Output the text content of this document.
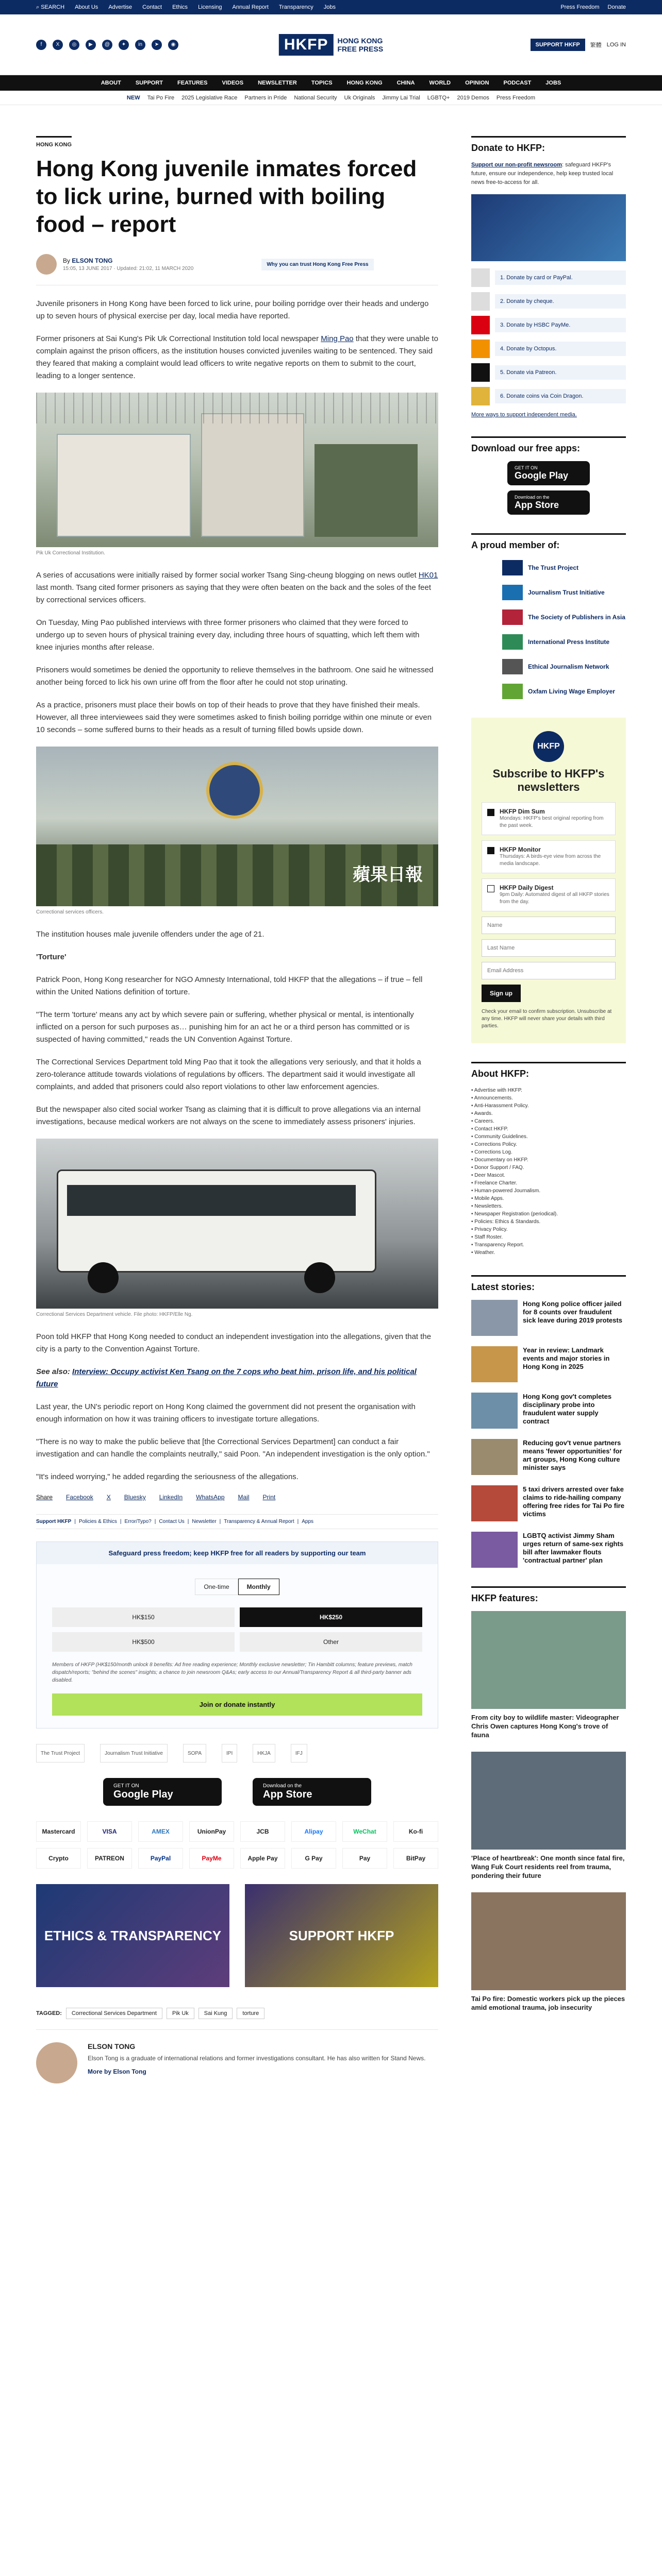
⌕ SEARCH About Us Advertise Contact Ethics Licensing Annual Report Transparency Jobs	Press Freedom Donate
f	X	◎	▶	@	✦	in	➤	◉	HKFP	HONG KONG
FREE PRESS	SUPPORT HKFP	繁體 LOG IN
ABOUT	SUPPORT	FEATURES	VIDEOS	NEWSLETTER	TOPICS	HONG KONG	CHINA	WORLD	OPINION	PODCAST	JOBS
NEW Tai Po Fire 2025 Legislative Race Partners in Pride National Security Uk Originals Jimmy Lai Trial LGBTQ+ 2019 Demos Press Freedom
HONG KONG
Hong Kong juvenile inmates forced to lick urine, burned with boiling food – report
By ELSON TONG
15:05, 13 JUNE 2017 · Updated: 21:02, 11 MARCH 2020
Why you can trust Hong Kong Free Press

Juvenile prisoners in Hong Kong have been forced to lick urine, pour boiling porridge over their heads and undergo up to seven hours of physical exercise per day, local media have reported.

Former prisoners at Sai Kung's Pik Uk Correctional Institution told local newspaper Ming Pao that they were unable to complain against the prison officers, as the institution houses convicted juveniles waiting to be sentenced. They said they feared that making a complaint would lead officers to write negative reports on them to submit to the court, leading to a longer sentence.

Pik Uk Correctional Institution.

A series of accusations were initially raised by former social worker Tsang Sing-cheung blogging on news outlet HK01 last month. Tsang cited former prisoners as saying that they were often beaten on the back and the soles of the feet by correctional services officers.

On Tuesday, Ming Pao published interviews with three former prisoners who claimed that they were forced to undergo up to seven hours of physical training every day, including three hours of squatting, which left them with knee injuries months after release.

Prisoners would sometimes be denied the opportunity to relieve themselves in the bathroom. One said he witnessed another being forced to lick his own urine off from the floor after he could not stop urinating.

As a practice, prisoners must place their bowls on top of their heads to prove that they have finished their meals. However, all three interviewees said they were sometimes asked to finish boiling porridge within one minute or even 10 seconds – some suffered burns to their heads as a result of turning filled bowls upside down.

蘋果日報
Correctional services officers.

The institution houses male juvenile offenders under the age of 21.

'Torture'

Patrick Poon, Hong Kong researcher for NGO Amnesty International, told HKFP that the allegations – if true – fell within the United Nations definition of torture.

"The term 'torture' means any act by which severe pain or suffering, whether physical or mental, is intentionally inflicted on a person for such purposes as… punishing him for an act he or a third person has committed or is suspected of having committed," reads the UN Convention Against Torture.

The Correctional Services Department told Ming Pao that it took the allegations very seriously, and that it holds a zero-tolerance attitude towards violations of regulations by officers. The department said it would investigate all complaints, and added that prisoners could also report violations to other law enforcement agencies.

But the newspaper also cited social worker Tsang as claiming that it is difficult to prove allegations via an internal investigations, because medical workers are not always on the scene to immediately assess prisoners' injuries.

Correctional Services Department vehicle. File photo: HKFP/Elle Ng.

Poon told HKFP that Hong Kong needed to conduct an independent investigation into the allegations, given that the city is a party to the Convention Against Torture.

See also: Interview: Occupy activist Ken Tsang on the 7 cops who beat him, prison life, and his political future

Last year, the UN's periodic report on Hong Kong claimed the government did not present the organisation with enough information on how it was training officers to investigate torture allegations.

"There is no way to make the public believe that [the Correctional Services Department] can conduct a fair investigation and can handle the complaints neutrally," said Poon. "An independent investigation is the only option."

"It's indeed worrying," he added regarding the seriousness of the allegations.

Share Facebook X Bluesky LinkedIn WhatsApp Mail Print
Support HKFP | Policies & Ethics | Error/Typo? | Contact Us | Newsletter | Transparency & Annual Report | Apps
Safeguard press freedom; keep HKFP free for all readers by supporting our team
One-time	Monthly
HK$150	HK$250
HK$500	Other
Members of HKFP (HK$150/month unlock 8 benefits: Ad free reading experience; Monthly exclusive newsletter; Tin Hambitt columns; feature previews, match dispatch/reports; "behind the scenes" insights; a chance to join newsroom Q&As; early access to our Annual/Transparency Report & all third-party banner ads disabled.
Join or donate instantly
The Trust Project	Journalism Trust Initiative	SOPA	IPI	HKJA	IFJ
GET IT ON
Google Play
Download on the
App Store
Mastercard	VISA	AMEX	UnionPay	JCB	Alipay	WeChat	Ko-fi
Crypto	PATREON	PayPal	PayMe	Apple Pay	G Pay	Pay	BitPay
ETHICS & TRANSPARENCY	SUPPORT HKFP
TAGGED:	Correctional Services Department	Pik Uk	Sai Kung	torture
ELSON TONG

Elson Tong is a graduate of international relations and former investigations consultant. He has also written for Stand News.

More by Elson Tong
Donate to HKFP:
Support our non-profit newsroom: safeguard HKFP's future, ensure our independence, help keep trusted local news free-to-access for all.
1. Donate by card or PayPal.
2. Donate by cheque.
3. Donate by HSBC PayMe.
4. Donate by Octopus.
5. Donate via Patreon.
6. Donate coins via Coin Dragon.
More ways to support independent media.
Download our free apps:
GET IT ON
Google Play
Download on the
App Store
A proud member of:
The Trust Project
Journalism Trust Initiative
The Society of Publishers in Asia
International Press Institute
Ethical Journalism Network
Oxfam Living Wage Employer
HKFP
Subscribe to HKFP's newsletters
HKFP Dim Sum
Mondays: HKFP's best original reporting from the past week.
HKFP Monitor
Thursdays: A birds-eye view from across the media landscape.
HKFP Daily Digest
9pm Daily: Automated digest of all HKFP stories from the day.
Name Last Name Email Address Sign up
Check your email to confirm subscription. Unsubscribe at any time. HKFP will never share your details with third parties.
About HKFP:
• Advertise with HKFP.
• Announcements.
• Anti-Harassment Policy.
• Awards.
• Careers.
• Contact HKFP.
• Community Guidelines.
• Corrections Policy.
• Corrections Log.
• Documentary on HKFP.
• Donor Support / FAQ.
• Deer Mascot.
• Freelance Charter.
• Human-powered Journalism.
• Mobile Apps.
• Newsletters.
• Newspaper Registration (periodical).
• Policies: Ethics & Standards.
• Privacy Policy.
• Staff Roster.
• Transparency Report.
• Weather.
Latest stories:
Hong Kong police officer jailed for 8 counts over fraudulent sick leave during 2019 protests
Year in review: Landmark events and major stories in Hong Kong in 2025
Hong Kong gov't completes disciplinary probe into fraudulent water supply contract
Reducing gov't venue partners means 'fewer opportunities' for art groups, Hong Kong culture minister says
5 taxi drivers arrested over fake claims to ride-hailing company offering free rides for Tai Po fire victims
LGBTQ activist Jimmy Sham urges return of same-sex rights bill after lawmaker flouts 'contractual partner' plan
HKFP features:
From city boy to wildlife master: Videographer Chris Owen captures Hong Kong's trove of fauna
'Place of heartbreak': One month since fatal fire, Wang Fuk Court residents reel from trauma, pondering their future
Tai Po fire: Domestic workers pick up the pieces amid emotional trauma, job insecurity
